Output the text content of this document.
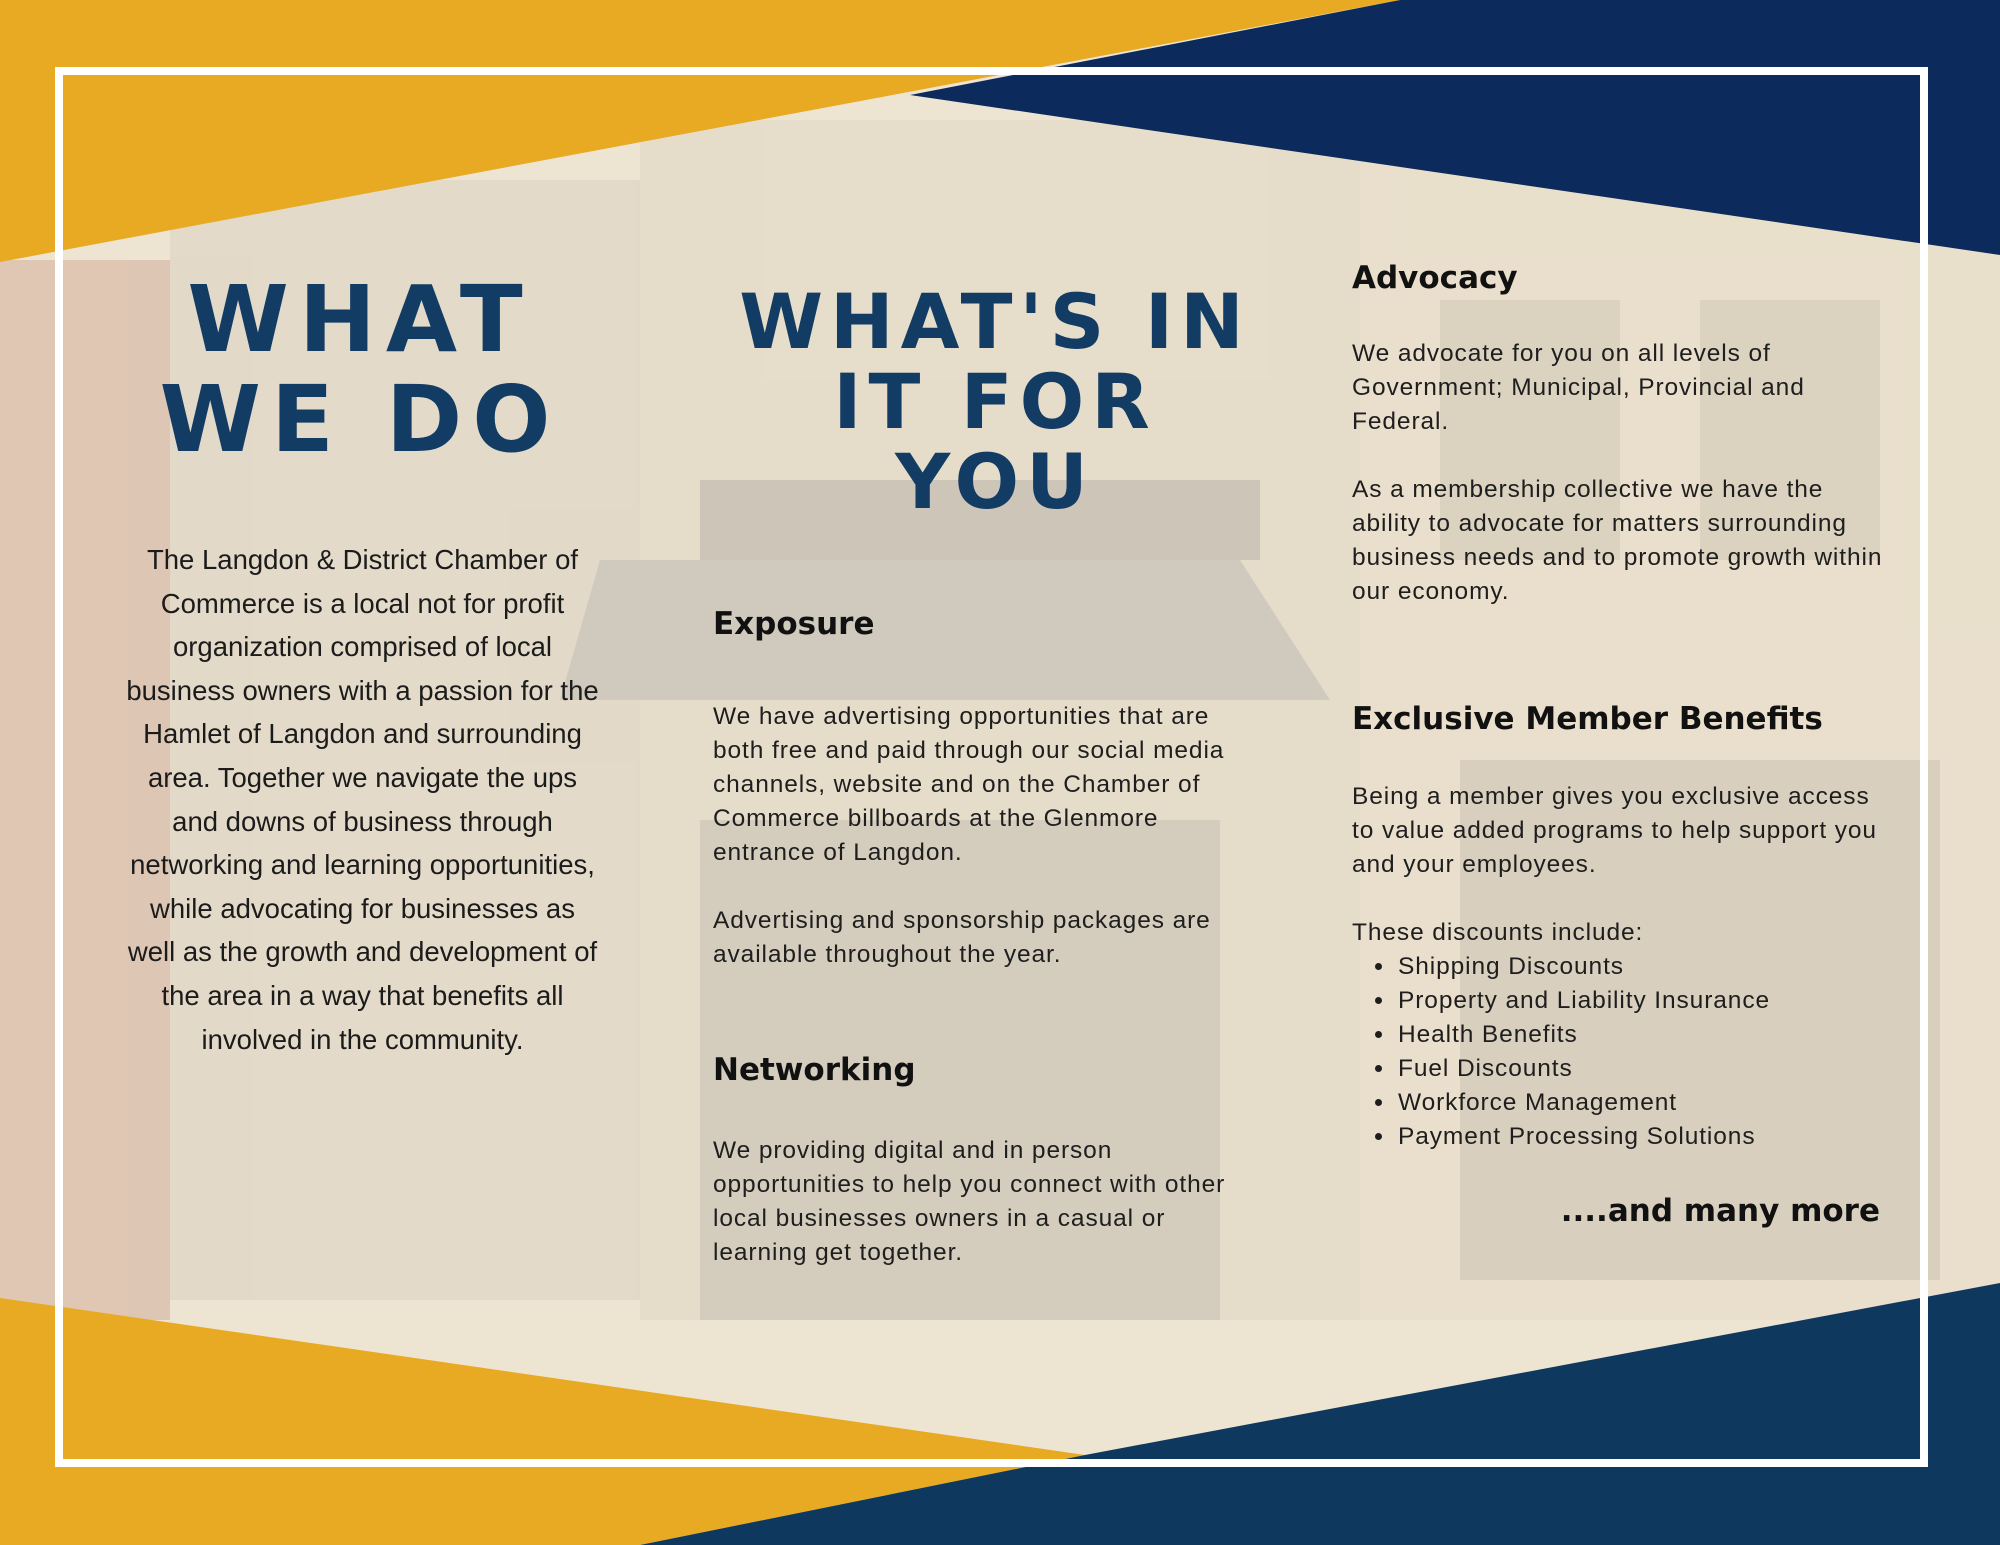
WHAT
WE DO

The Langdon & District Chamber of Commerce is a local not for profit organization comprised of local business owners with a passion for the Hamlet of Langdon and surrounding area. Together we navigate the ups and downs of business through networking and learning opportunities, while advocating for businesses as well as the growth and development of the area in a way that benefits all involved in the community.

WHAT'S IN
IT FOR
YOU
Exposure

We have advertising opportunities that are both free and paid through our social media channels, website and on the Chamber of Commerce billboards at the Glenmore entrance of Langdon.

Advertising and sponsorship packages are available throughout the year.

Networking

We providing digital and in person opportunities to help you connect with other local businesses owners in a casual or learning get together.

Advocacy

We advocate for you on all levels of Government; Municipal, Provincial and Federal.

As a membership collective we have the ability to advocate for matters surrounding business needs and to promote growth within our economy.

Exclusive Member Benefits

Being a member gives you exclusive access to value added programs to help support you and your employees.

These discounts include:

• Shipping Discounts
• Property and Liability Insurance
• Health Benefits
• Fuel Discounts
• Workforce Management
• Payment Processing Solutions

....and many more
